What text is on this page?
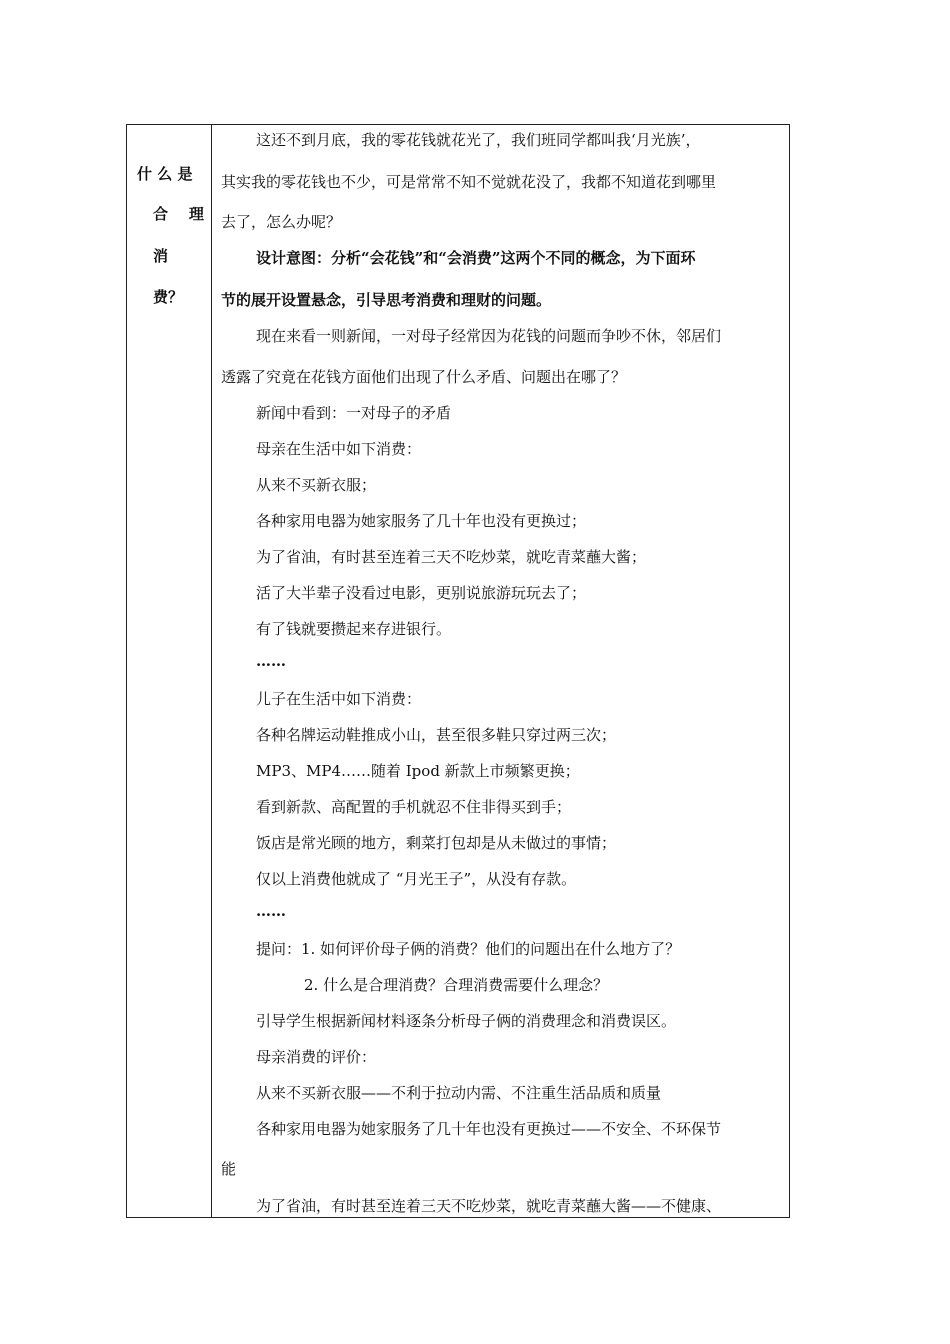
什 么 是
合    理
消
费？
这还不到月底，我的零花钱就花光了，我们班同学都叫我‘月光族’，
其实我的零花钱也不少，可是常常不知不觉就花没了，我都不知道花到哪里
去了，怎么办呢？
设计意图：分析“会花钱”和“会消费”这两个不同的概念，为下面环
节的展开设置悬念，引导思考消费和理财的问题。
现在来看一则新闻，一对母子经常因为花钱的问题而争吵不休，邻居们
透露了究竟在花钱方面他们出现了什么矛盾、问题出在哪了？
新闻中看到：一对母子的矛盾
母亲在生活中如下消费：
从来不买新衣服；
各种家用电器为她家服务了几十年也没有更换过；
为了省油，有时甚至连着三天不吃炒菜，就吃青菜蘸大酱；
活了大半辈子没看过电影，更别说旅游玩玩去了；
有了钱就要攒起来存进银行。
……
儿子在生活中如下消费：
各种名牌运动鞋推成小山，甚至很多鞋只穿过两三次；
MP3、MP4……随着 Ipod 新款上市频繁更换；
看到新款、高配置的手机就忍不住非得买到手；
饭店是常光顾的地方，剩菜打包却是从未做过的事情；
仅以上消费他就成了 “月光王子”，从没有存款。
……
提问：1. 如何评价母子俩的消费？他们的问题出在什么地方了？
2. 什么是合理消费？合理消费需要什么理念？
引导学生根据新闻材料逐条分析母子俩的消费理念和消费误区。
母亲消费的评价：
从来不买新衣服——不利于拉动内需、不注重生活品质和质量
各种家用电器为她家服务了几十年也没有更换过——不安全、不环保节
能
为了省油，有时甚至连着三天不吃炒菜，就吃青菜蘸大酱——不健康、
